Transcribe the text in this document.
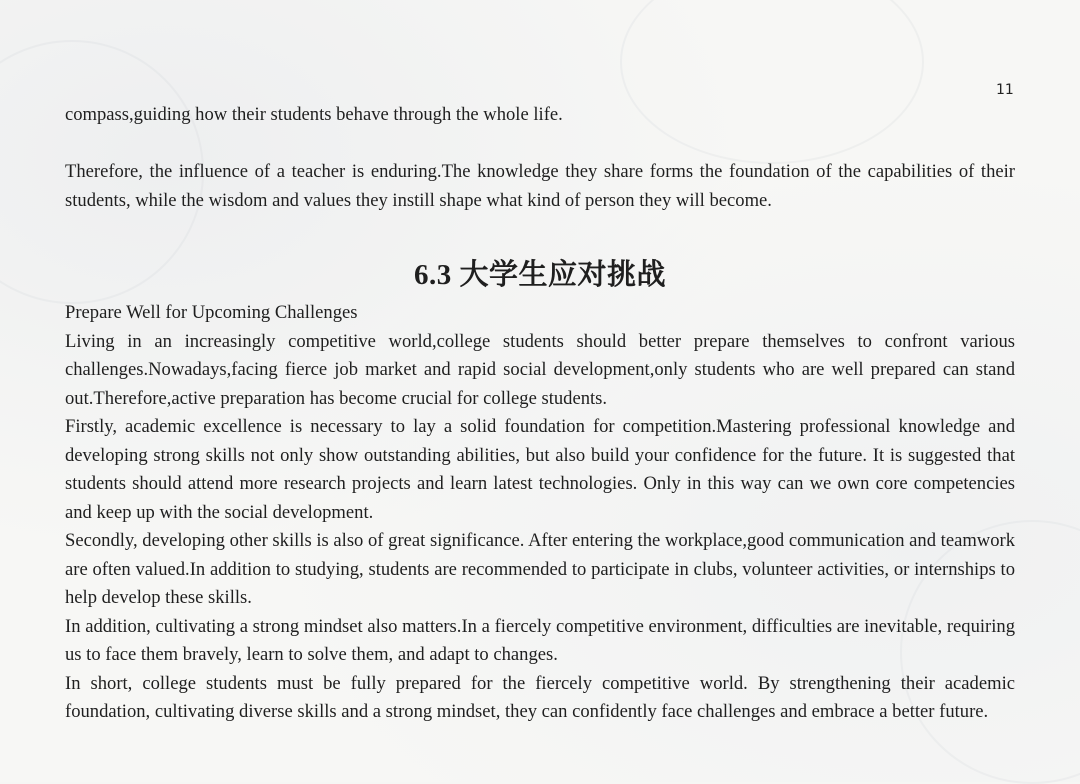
11

compass,guiding how their students behave through the whole life.

Therefore, the influence of a teacher is enduring.The knowledge they share forms the foundation of the capabilities of their students, while the wisdom and values they instill shape what kind of person they will become.

6.3 大学生应对挑战

Prepare Well for Upcoming Challenges

Living in an increasingly competitive world,college students should better prepare themselves to confront various challenges.Nowadays,facing fierce job market and rapid social development,only students who are well prepared can stand out.Therefore,active preparation has become crucial for college students.

Firstly, academic excellence is necessary to lay a solid foundation for competition.Mastering professional knowledge and developing strong skills not only show outstanding abilities, but also build your confidence for the future. It is suggested that students should attend more research projects and learn latest technologies. Only in this way can we own core competencies and keep up with the social development.

Secondly, developing other skills is also of great significance. After entering the workplace,good communication and teamwork are often valued.In addition to studying, students are recommended to participate in clubs, volunteer activities, or internships to help develop these skills.

In addition, cultivating a strong mindset also matters.In a fiercely competitive environment, difficulties are inevitable, requiring us to face them bravely, learn to solve them, and adapt to changes.

In short, college students must be fully prepared for the fiercely competitive world. By strengthening their academic foundation, cultivating diverse skills and a strong mindset, they can confidently face challenges and embrace a better future.
